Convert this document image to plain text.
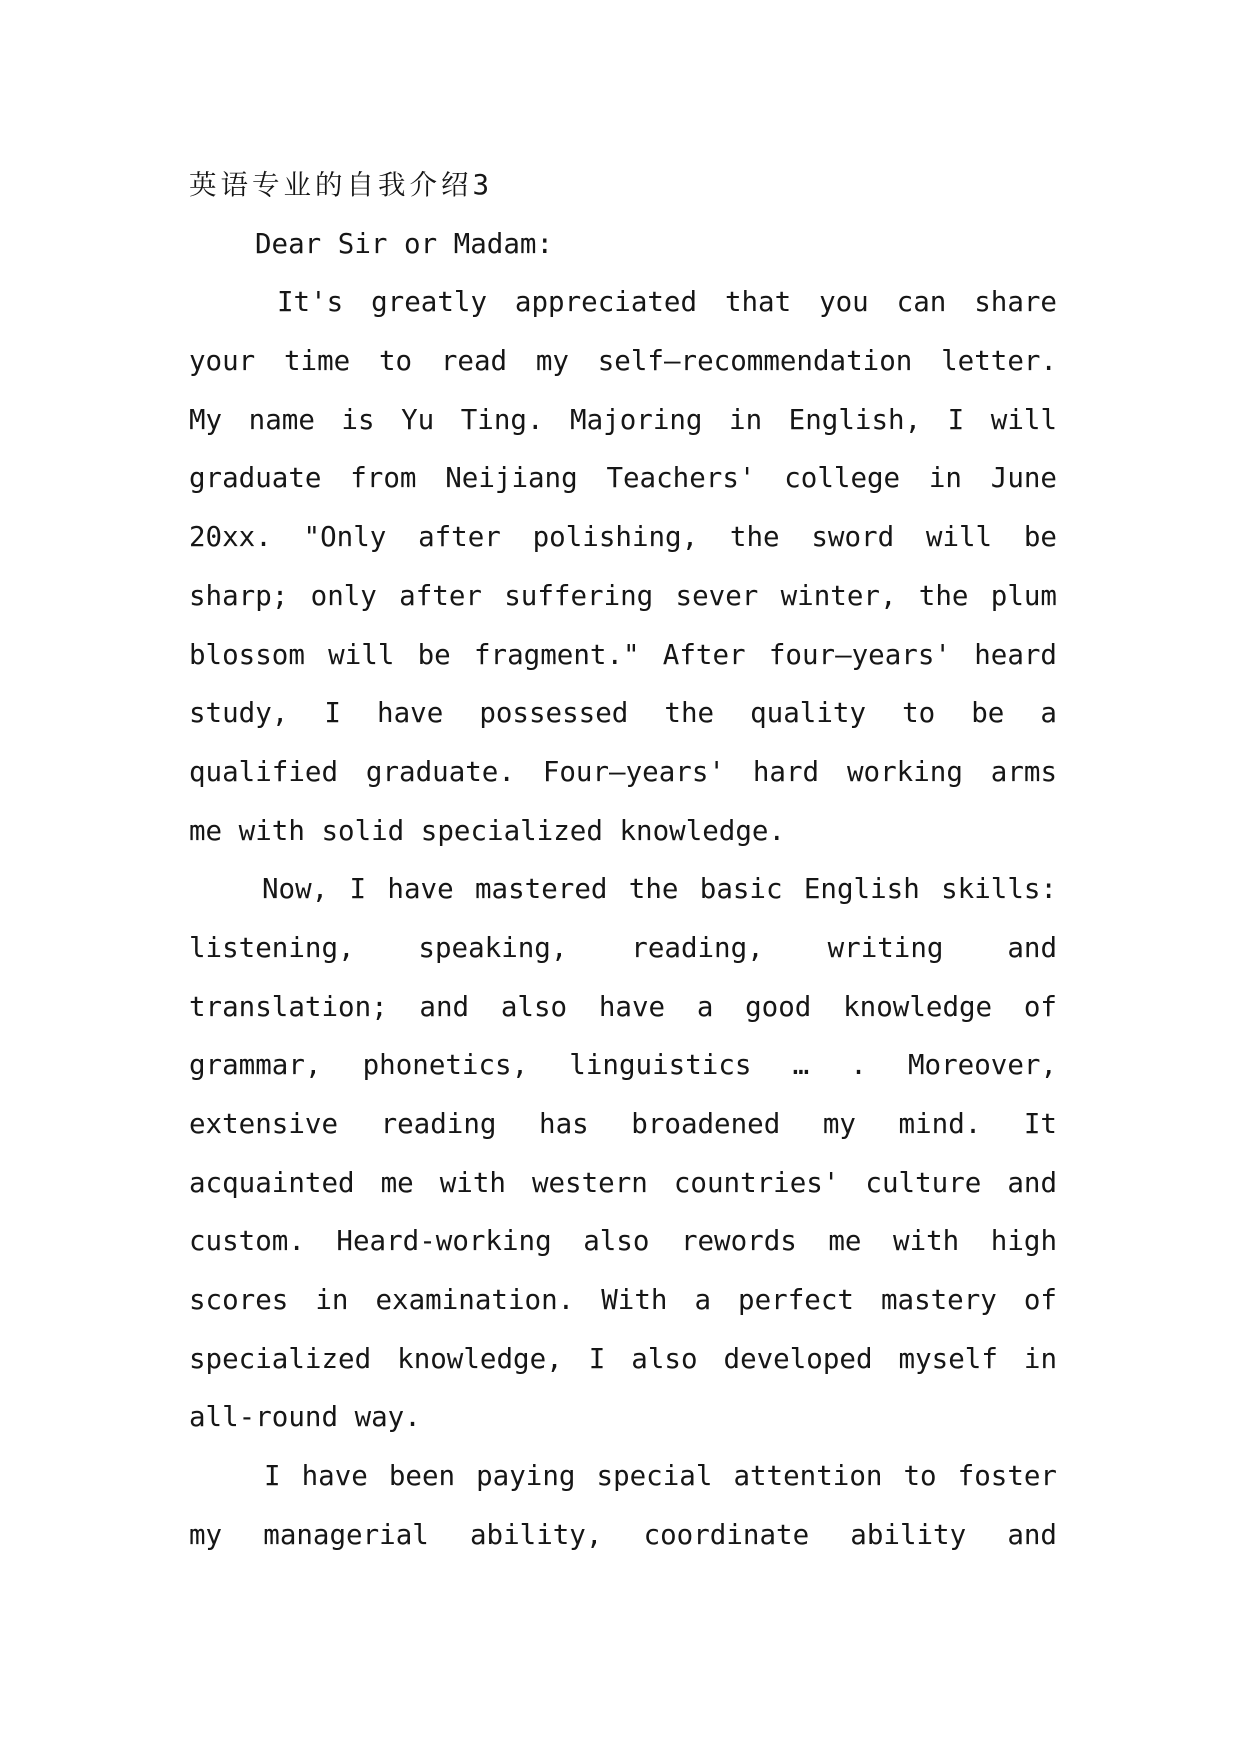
英语专业的自我介绍3
Dear Sir or Madam:
It's greatly appreciated that you can share
your time to read my self—recommendation letter.
My name is Yu Ting. Majoring in English, I will
graduate from Neijiang Teachers' college in June
20xx. "Only after polishing, the sword will be
sharp; only after suffering sever winter, the plum
blossom will be fragment." After four—years' heard
study, I have possessed the quality to be a
qualified graduate. Four—years' hard working arms
me with solid specialized knowledge.
Now, I have mastered the basic English skills:
listening, speaking, reading, writing and
translation; and also have a good knowledge of
grammar, phonetics, linguistics … . Moreover,
extensive reading has broadened my mind. It
acquainted me with western countries' culture and
custom. Heard-working also rewords me with high
scores in examination. With a perfect mastery of
specialized knowledge, I also developed myself in
all-round way.
I have been paying special attention to foster
my managerial ability, coordinate ability and
